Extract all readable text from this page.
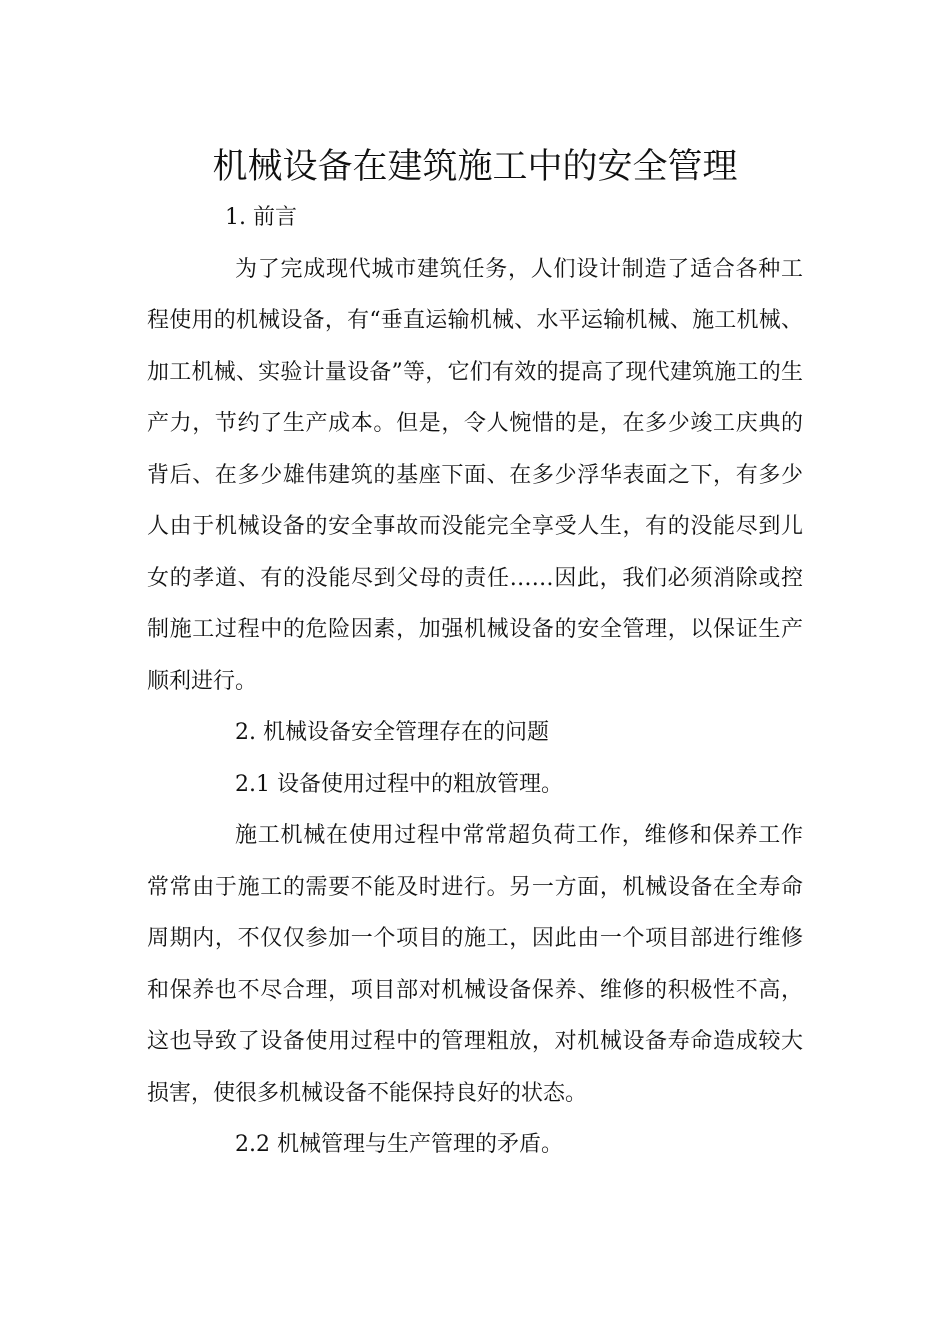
机械设备在建筑施工中的安全管理

1. 前言

为了完成现代城市建筑任务，人们设计制造了适合各种工程使用的机械设备，有“垂直运输机械、水平运输机械、施工机械、加工机械、实验计量设备”等，它们有效的提高了现代建筑施工的生产力，节约了生产成本。但是，令人惋惜的是，在多少竣工庆典的背后、在多少雄伟建筑的基座下面、在多少浮华表面之下，有多少人由于机械设备的安全事故而没能完全享受人生，有的没能尽到儿女的孝道、有的没能尽到父母的责任……因此，我们必须消除或控制施工过程中的危险因素，加强机械设备的安全管理，以保证生产顺利进行。

2. 机械设备安全管理存在的问题

2.1 设备使用过程中的粗放管理。

施工机械在使用过程中常常超负荷工作，维修和保养工作常常由于施工的需要不能及时进行。另一方面，机械设备在全寿命周期内，不仅仅参加一个项目的施工，因此由一个项目部进行维修和保养也不尽合理，项目部对机械设备保养、维修的积极性不高，这也导致了设备使用过程中的管理粗放，对机械设备寿命造成较大损害，使很多机械设备不能保持良好的状态。

2.2 机械管理与生产管理的矛盾。
